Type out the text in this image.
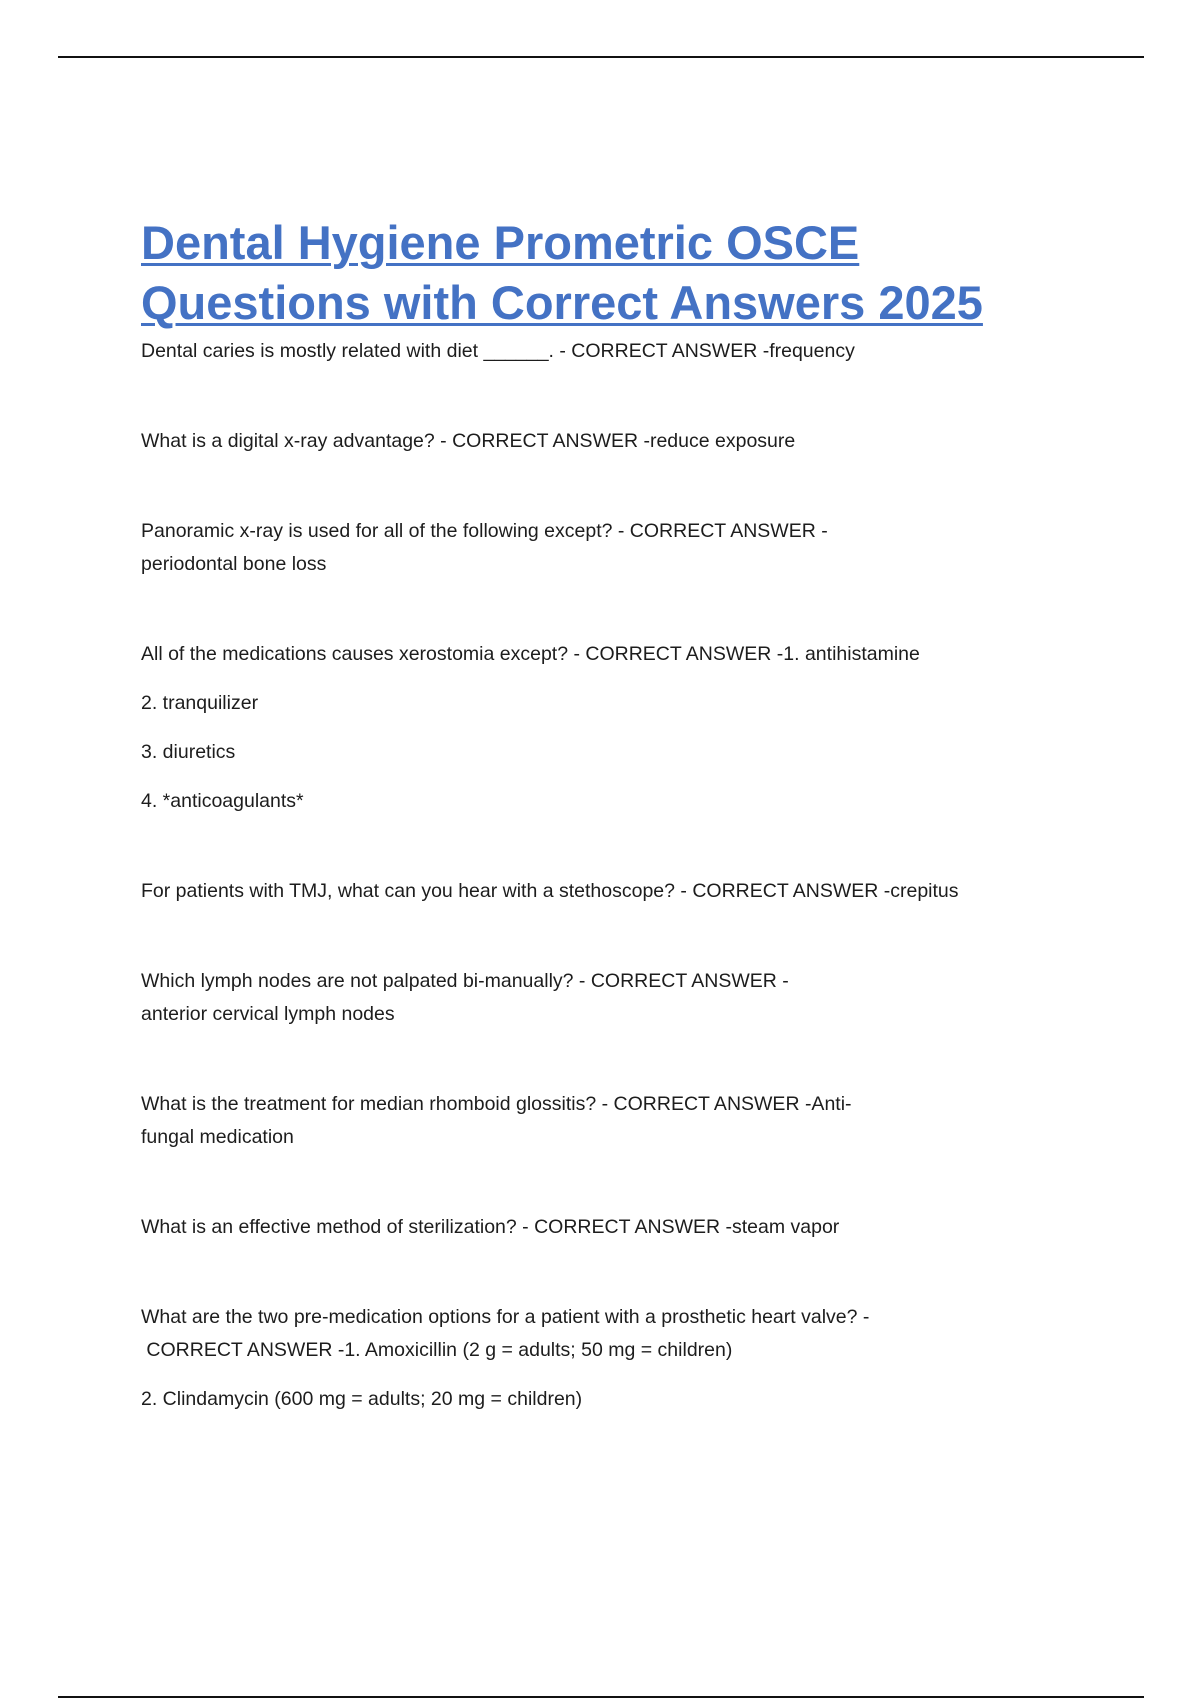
Dental Hygiene Prometric OSCE
Questions with Correct Answers 2025
Dental caries is mostly related with diet ______. - CORRECT ANSWER -frequency
What is a digital x-ray advantage? - CORRECT ANSWER -reduce exposure
Panoramic x-ray is used for all of the following except? - CORRECT ANSWER -
periodontal bone loss
All of the medications causes xerostomia except? - CORRECT ANSWER -1. antihistamine
2. tranquilizer
3. diuretics
4. *anticoagulants*
For patients with TMJ, what can you hear with a stethoscope? - CORRECT ANSWER -crepitus
Which lymph nodes are not palpated bi-manually? - CORRECT ANSWER -
anterior cervical lymph nodes
What is the treatment for median rhomboid glossitis? - CORRECT ANSWER -Anti-
fungal medication
What is an effective method of sterilization? - CORRECT ANSWER -steam vapor
What are the two pre-medication options for a patient with a prosthetic heart valve? -
CORRECT ANSWER -1. Amoxicillin (2 g = adults; 50 mg = children)
2. Clindamycin (600 mg = adults; 20 mg = children)
